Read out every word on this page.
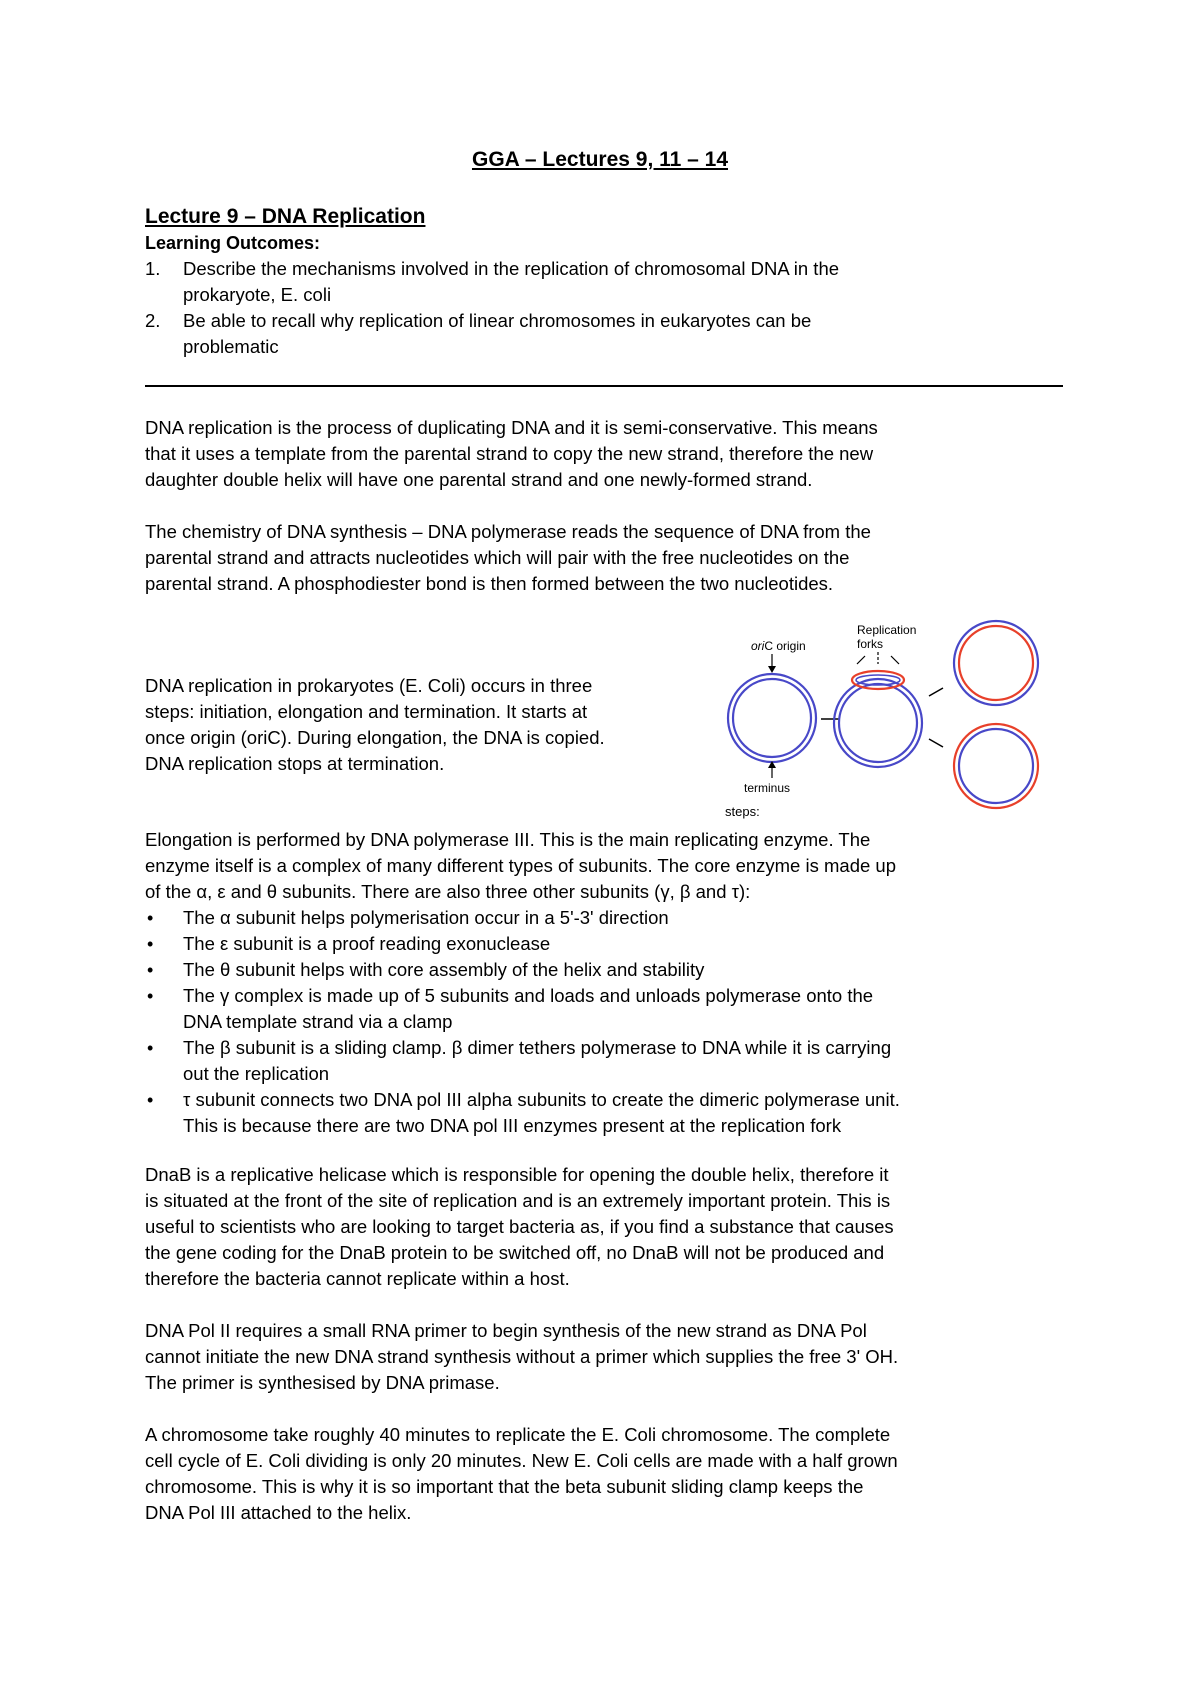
GGA – Lectures 9, 11 – 14

Lecture 9 – DNA Replication

Learning Outcomes:

1. Describe the mechanisms involved in the replication of chromosomal DNA in the
prokaryote, E. coli
2. Be able to recall why replication of linear chromosomes in eukaryotes can be
problematic

DNA replication is the process of duplicating DNA and it is semi-conservative. This means

that it uses a template from the parental strand to copy the new strand, therefore the new

daughter double helix will have one parental strand and one newly-formed strand.

The chemistry of DNA synthesis – DNA polymerase reads the sequence of DNA from the

parental strand and attracts nucleotides which will pair with the free nucleotides on the

parental strand. A phosphodiester bond is then formed between the two nucleotides.

DNA replication in prokaryotes (E. Coli) occurs in three

steps: initiation, elongation and termination. It starts at

once origin (oriC). During elongation, the DNA is copied.

DNA replication stops at termination.

oriC origin
terminus
steps:
Replication
forks

Elongation is performed by DNA polymerase III. This is the main replicating enzyme. The

enzyme itself is a complex of many different types of subunits. The core enzyme is made up

of the α, ε and θ subunits. There are also three other subunits (γ, β and τ):

• The α subunit helps polymerisation occur in a 5'-3' direction
• The ε subunit is a proof reading exonuclease
• The θ subunit helps with core assembly of the helix and stability
• The γ complex is made up of 5 subunits and loads and unloads polymerase onto the
DNA template strand via a clamp
• The β subunit is a sliding clamp. β dimer tethers polymerase to DNA while it is carrying
out the replication
• τ subunit connects two DNA pol III alpha subunits to create the dimeric polymerase unit.
This is because there are two DNA pol III enzymes present at the replication fork

DnaB is a replicative helicase which is responsible for opening the double helix, therefore it

is situated at the front of the site of replication and is an extremely important protein. This is

useful to scientists who are looking to target bacteria as, if you find a substance that causes

the gene coding for the DnaB protein to be switched off, no DnaB will not be produced and

therefore the bacteria cannot replicate within a host.

DNA Pol II requires a small RNA primer to begin synthesis of the new strand as DNA Pol

cannot initiate the new DNA strand synthesis without a primer which supplies the free 3' OH.

The primer is synthesised by DNA primase.

A chromosome take roughly 40 minutes to replicate the E. Coli chromosome. The complete

cell cycle of E. Coli dividing is only 20 minutes. New E. Coli cells are made with a half grown

chromosome. This is why it is so important that the beta subunit sliding clamp keeps the

DNA Pol III attached to the helix.
